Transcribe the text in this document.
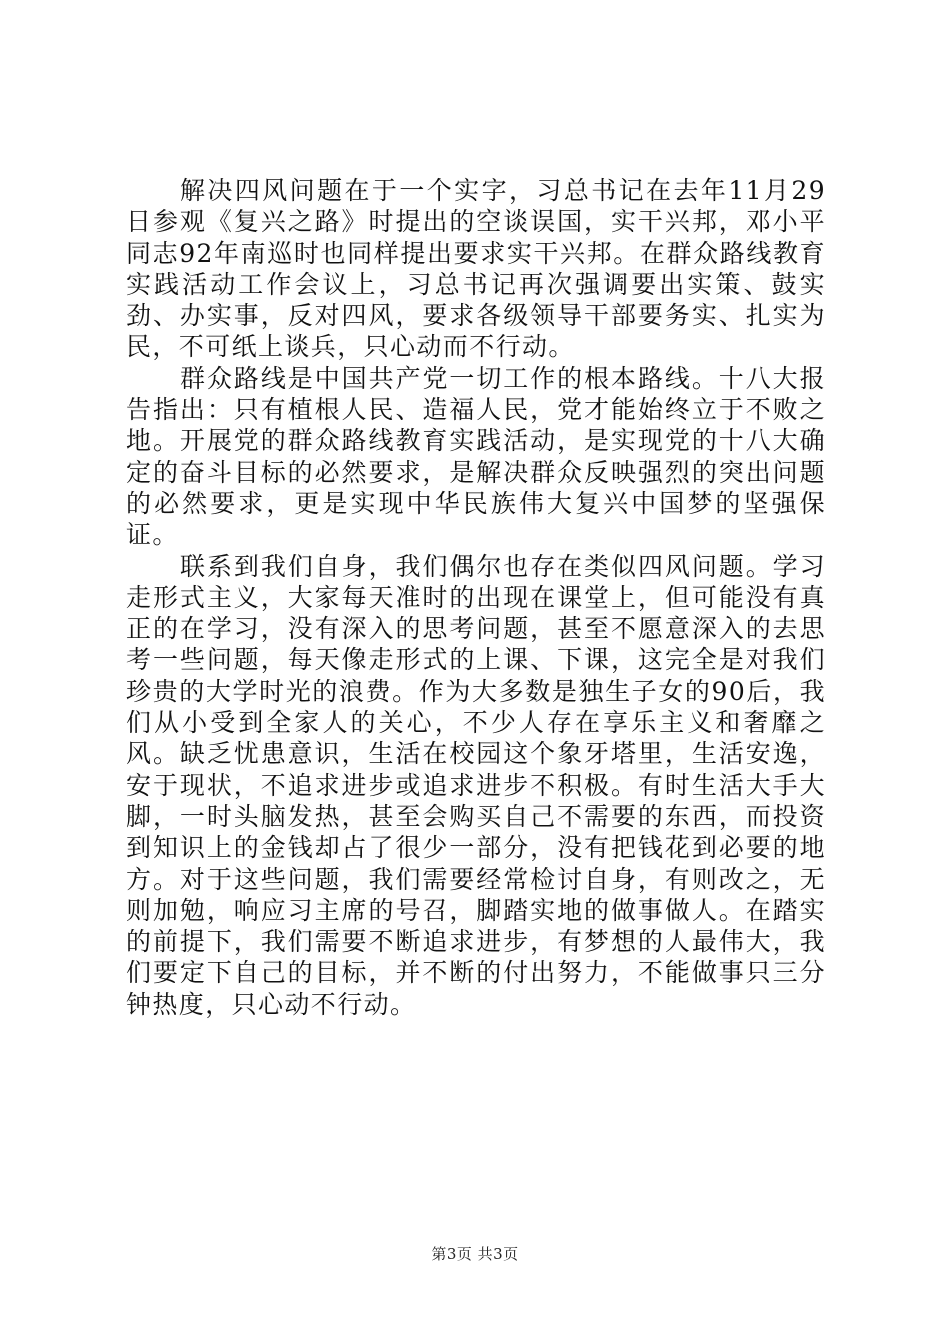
解决四风问题在于一个实字，习总书记在去年11月29日参观《复兴之路》时提出的空谈误国，实干兴邦，邓小平同志92年南巡时也同样提出要求实干兴邦。在群众路线教育实践活动工作会议上，习总书记再次强调要出实策、鼓实劲、办实事，反对四风，要求各级领导干部要务实、扎实为民，不可纸上谈兵，只心动而不行动。

群众路线是中国共产党一切工作的根本路线。十八大报告指出：只有植根人民、造福人民，党才能始终立于不败之地。开展党的群众路线教育实践活动，是实现党的十八大确定的奋斗目标的必然要求，是解决群众反映强烈的突出问题的必然要求，更是实现中华民族伟大复兴中国梦的坚强保证。

联系到我们自身，我们偶尔也存在类似四风问题。学习走形式主义，大家每天准时的出现在课堂上，但可能没有真正的在学习，没有深入的思考问题，甚至不愿意深入的去思考一些问题，每天像走形式的上课、下课，这完全是对我们珍贵的大学时光的浪费。作为大多数是独生子女的90后，我们从小受到全家人的关心，不少人存在享乐主义和奢靡之风。缺乏忧患意识，生活在校园这个象牙塔里，生活安逸，安于现状，不追求进步或追求进步不积极。有时生活大手大脚，一时头脑发热，甚至会购买自己不需要的东西，而投资到知识上的金钱却占了很少一部分，没有把钱花到必要的地方。对于这些问题，我们需要经常检讨自身，有则改之，无则加勉，响应习主席的号召，脚踏实地的做事做人。在踏实的前提下，我们需要不断追求进步，有梦想的人最伟大，我们要定下自己的目标，并不断的付出努力，不能做事只三分钟热度，只心动不行动。

第3页 共3页
